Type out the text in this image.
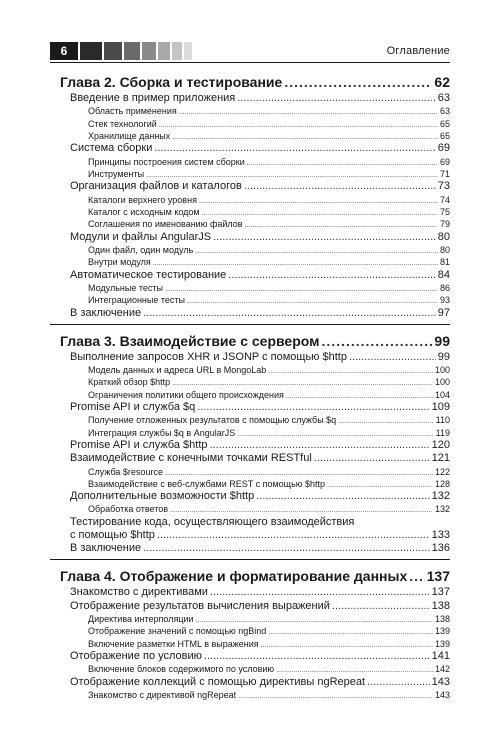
6	Оглавление
Глава 2. Сборка и тестирование .....	62
Введение в пример приложения .....	63
Область применения .....	63
Стек технологий .....	65
Хранилище данных .....	65
Система сборки .....	69
Принципы построения систем сборки .....	69
Инструменты .....	71
Организация файлов и каталогов .....	73
Каталоги верхнего уровня .....	74
Каталог с исходным кодом .....	75
Соглашения по именованию файлов .....	79
Модули и файлы AngularJS .....	80
Один файл, один модуль .....	80
Внутри модуля .....	81
Автоматическое тестирование .....	84
Модульные тесты .....	86
Интеграционные тесты .....	93
В заключение .....	97
Глава 3. Взаимодействие с сервером .....	99
Выполнение запросов XHR и JSONP с помощью $http .....	99
Модель данных и адреса URL в MongoLab .....	100
Краткий обзор $http .....	100
Ограничения политики общего происхождения .....	104
Promise API и служба $q .....	109
Получение отложенных результатов с помощью службы $q .....	110
Интеграция службы $q в AngularJS .....	119
Promise API и служба $http .....	120
Взаимодействие с конечными точками RESTful .....	121
Служба $resource .....	122
Взаимодействие с веб-службами REST с помощью $http .....	128
Дополнительные возможности $http .....	132
Обработка ответов .....	132
Тестирование кода, осуществляющего взаимодействия
с помощью $http .....	133
В заключение .....	136
Глава 4. Отображение и форматирование данных ..... 137
Знакомство с директивами .....	137
Отображение результатов вычисления выражений .....	138
Директива интерполяции .....	138
Отображение значений с помощью ngBind .....	139
Включение разметки HTML в выражения .....	139
Отображение по условию .....	141
Включение блоков содержимого по условию .....	142
Отображение коллекций с помощью директивы ngRepeat .....	143
Знакомство с директивой ngRepeat .....	143
